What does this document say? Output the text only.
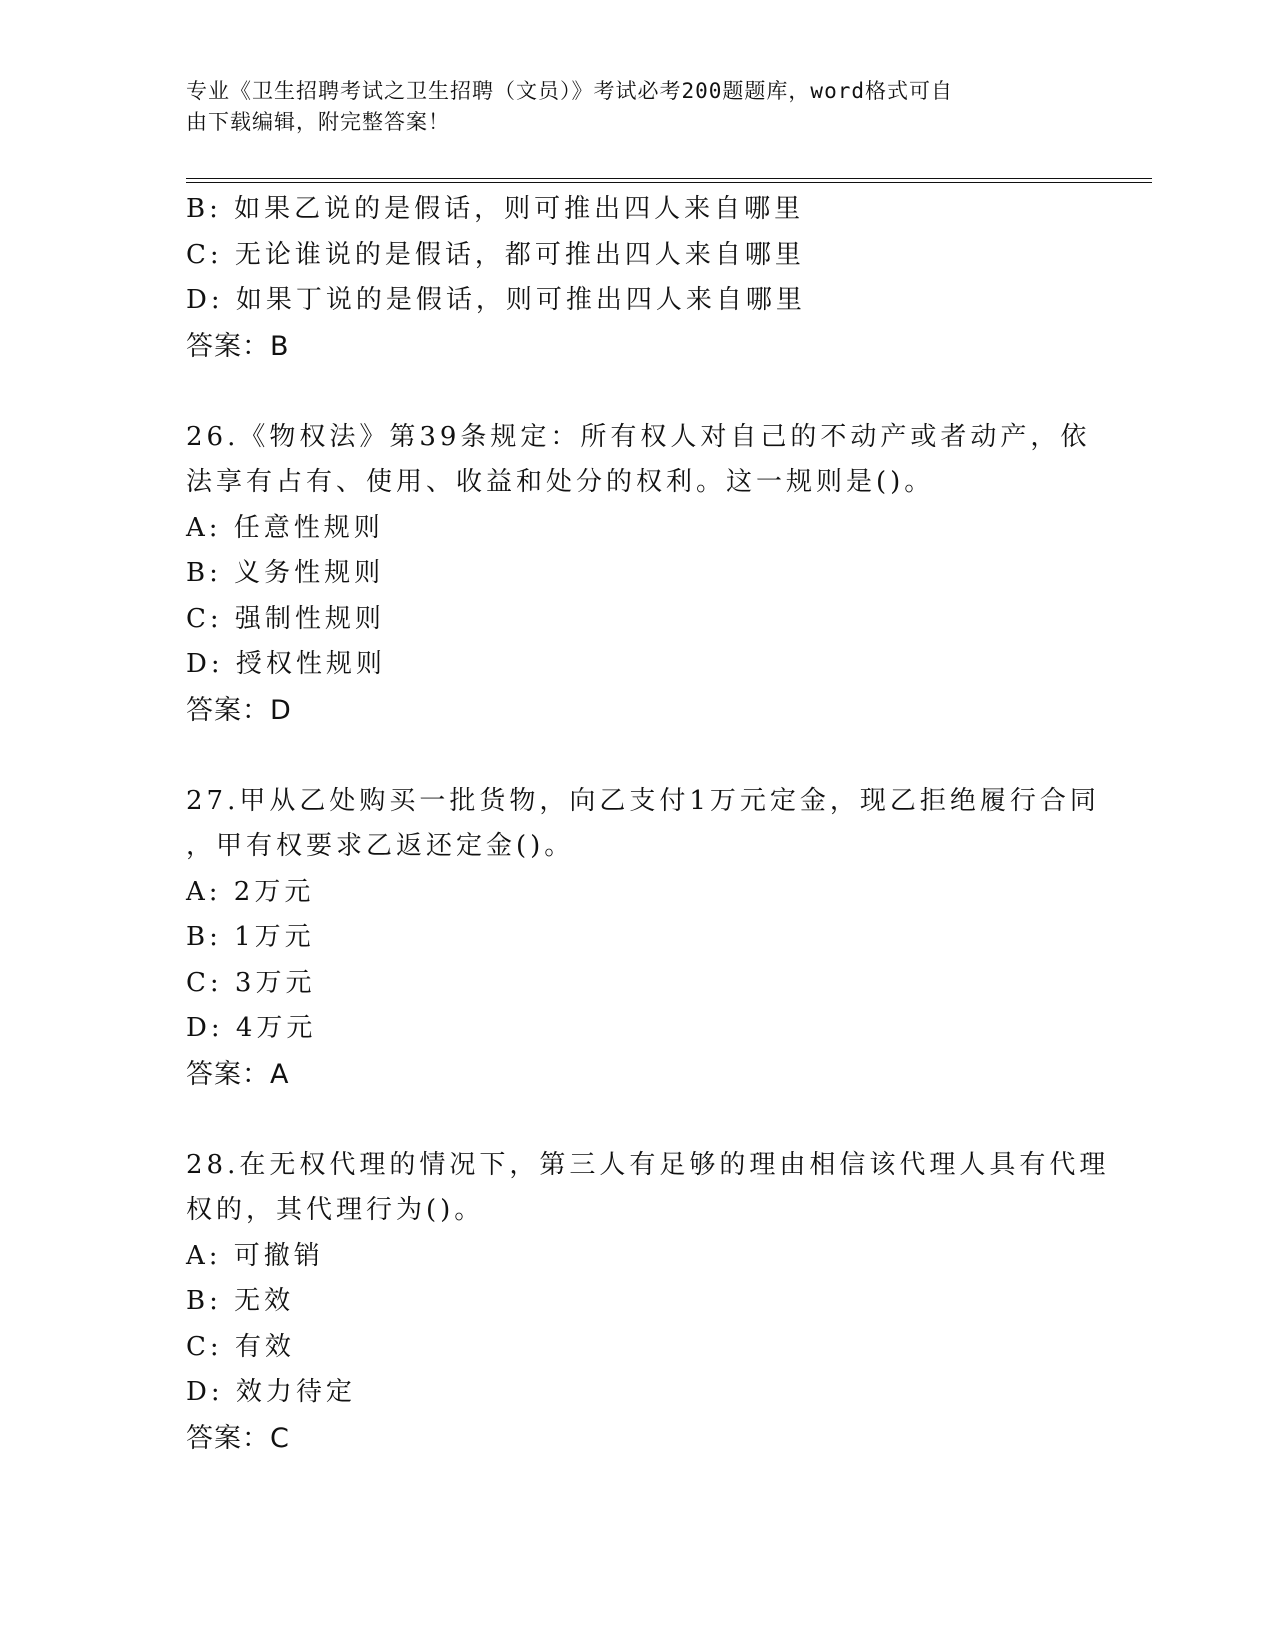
专业《卫生招聘考试之卫生招聘（文员）》考试必考200题题库，word格式可自
由下载编辑，附完整答案！
B: 如果乙说的是假话，则可推出四人来自哪里
C: 无论谁说的是假话，都可推出四人来自哪里
D: 如果丁说的是假话，则可推出四人来自哪里
答案：B
26.《物权法》第39条规定：所有权人对自己的不动产或者动产，依
法享有占有、使用、收益和处分的权利。这一规则是()。
A: 任意性规则
B: 义务性规则
C: 强制性规则
D: 授权性规则
答案：D
27.甲从乙处购买一批货物，向乙支付1万元定金，现乙拒绝履行合同
，甲有权要求乙返还定金()。
A: 2万元
B: 1万元
C: 3万元
D: 4万元
答案：A
28.在无权代理的情况下，第三人有足够的理由相信该代理人具有代理
权的，其代理行为()。
A: 可撤销
B: 无效
C: 有效
D: 效力待定
答案：C
